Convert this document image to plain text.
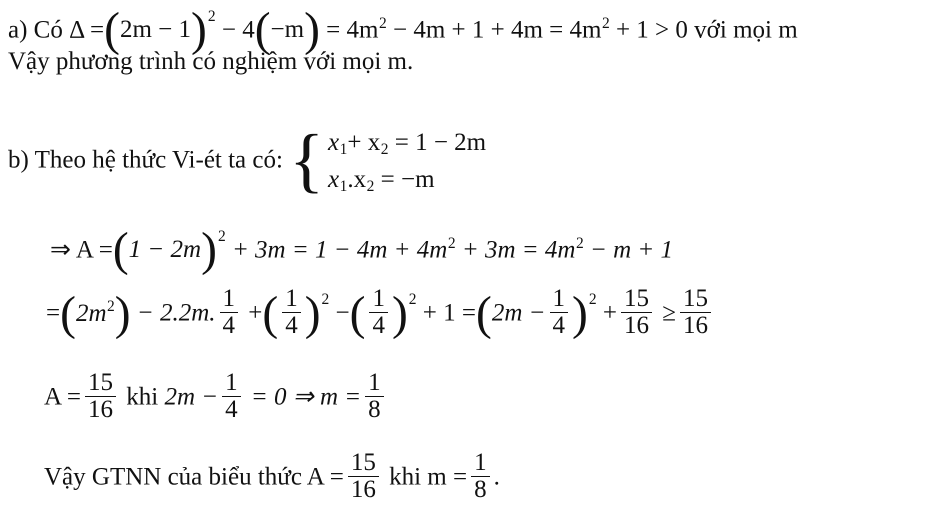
a) Có $\Delta =(2m - 1)^2 - 4(-m) = 4m^2 - 4m + 1 + 4m = 4m^2 + 1 > 0$ với mọi m
Vậy phương trình có nghiệm với mọi m.
b) Theo hệ thức Vi-ét ta có: { $x_1+ x_2 = 1 - 2m$
$x_1.x_2 = -m$
⇒ $A =(1 - 2m)^2 + 3m = 1 - 4m + 4m^2 + 3m = 4m^2 - m + 1$
$=(2m^2) - 2.2m$. $\frac{1}{4}$ +( $\frac{1}{4} )^2$ −( $\frac{1}{4} )^2 + 1 =(2m - \frac{1}{4} )^2 + \frac{15}{16} \ge \frac{15}{16}$
$A = \frac{15}{16}$ khi $2m - \frac{1}{4} = 0$ ⇒ $m = \frac{1}{8}$
Vậy GTNN của biểu thức $A = \frac{15}{16}$ khi $m = \frac{1}{8}$ .
